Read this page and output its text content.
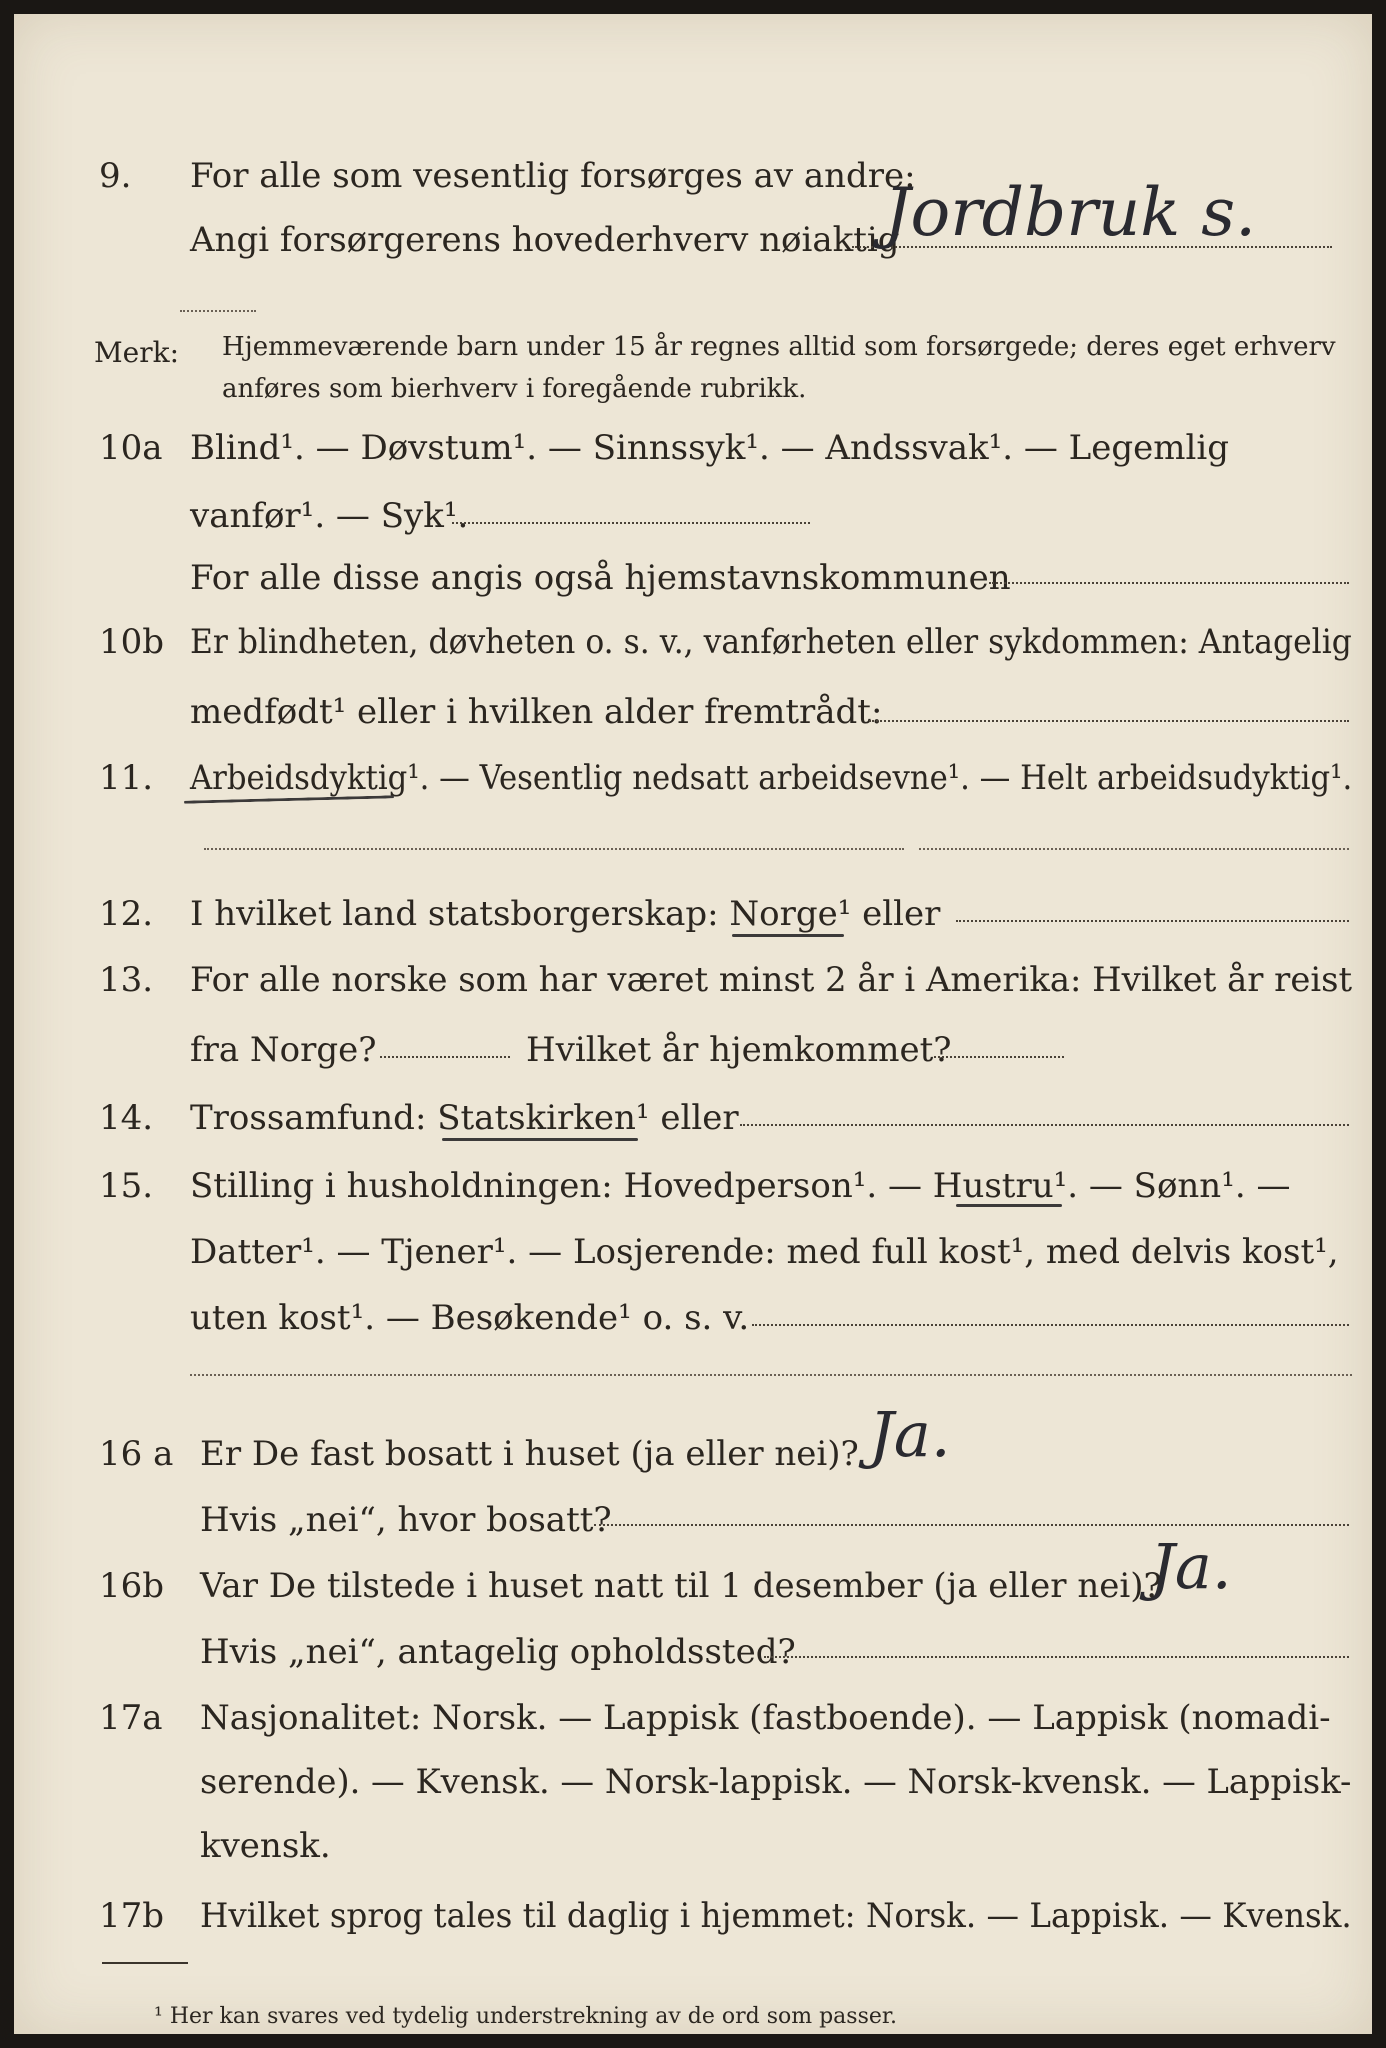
9.	For alle som vesentlig forsørges av andre:
Angi forsørgerens hovederhverv nøiaktig
Jordbruk s.
Merk: Hjemmeværende barn under 15 år regnes alltid som forsørgede; deres eget erhverv
anføres som bierhverv i foregående rubrikk.
10a Blind¹. — Døvstum¹. — Sinnssyk¹. — Andssvak¹. — Legemlig
vanfør¹. — Syk¹.
For alle disse angis også hjemstavnskommunen
10b Er blindheten, døvheten o. s. v., vanførheten eller sykdommen: Antagelig
medfødt¹ eller i hvilken alder fremtrådt:
11.	Arbeidsdyktig¹. — Vesentlig nedsatt arbeidsevne¹. — Helt arbeidsudyktig¹.
12.	I hvilket land statsborgerskap: Norge¹ eller
13.	For alle norske som har været minst 2 år i Amerika: Hvilket år reist
fra Norge?	Hvilket år hjemkommet?
14.	Trossamfund: Statskirken¹ eller
15.	Stilling i husholdningen: Hovedperson¹. — Hustru¹. — Sønn¹. —
Datter¹. — Tjener¹. — Losjerende: med full kost¹, med delvis kost¹,
uten kost¹. — Besøkende¹ o. s. v.
16 a Er De fast bosatt i huset (ja eller nei)? Ja.
Hvis „nei“, hvor bosatt?
16b	Var De tilstede i huset natt til 1 desember (ja eller nei)?
Ja.
Hvis „nei“, antagelig opholdssted?
17a	Nasjonalitet: Norsk. — Lappisk (fastboende). — Lappisk (nomadi-
serende). — Kvensk. — Norsk-lappisk. — Norsk-kvensk. — Lappisk-
kvensk.
17b	Hvilket sprog tales til daglig i hjemmet: Norsk. — Lappisk. — Kvensk.
¹ Her kan svares ved tydelig understrekning av de ord som passer.
